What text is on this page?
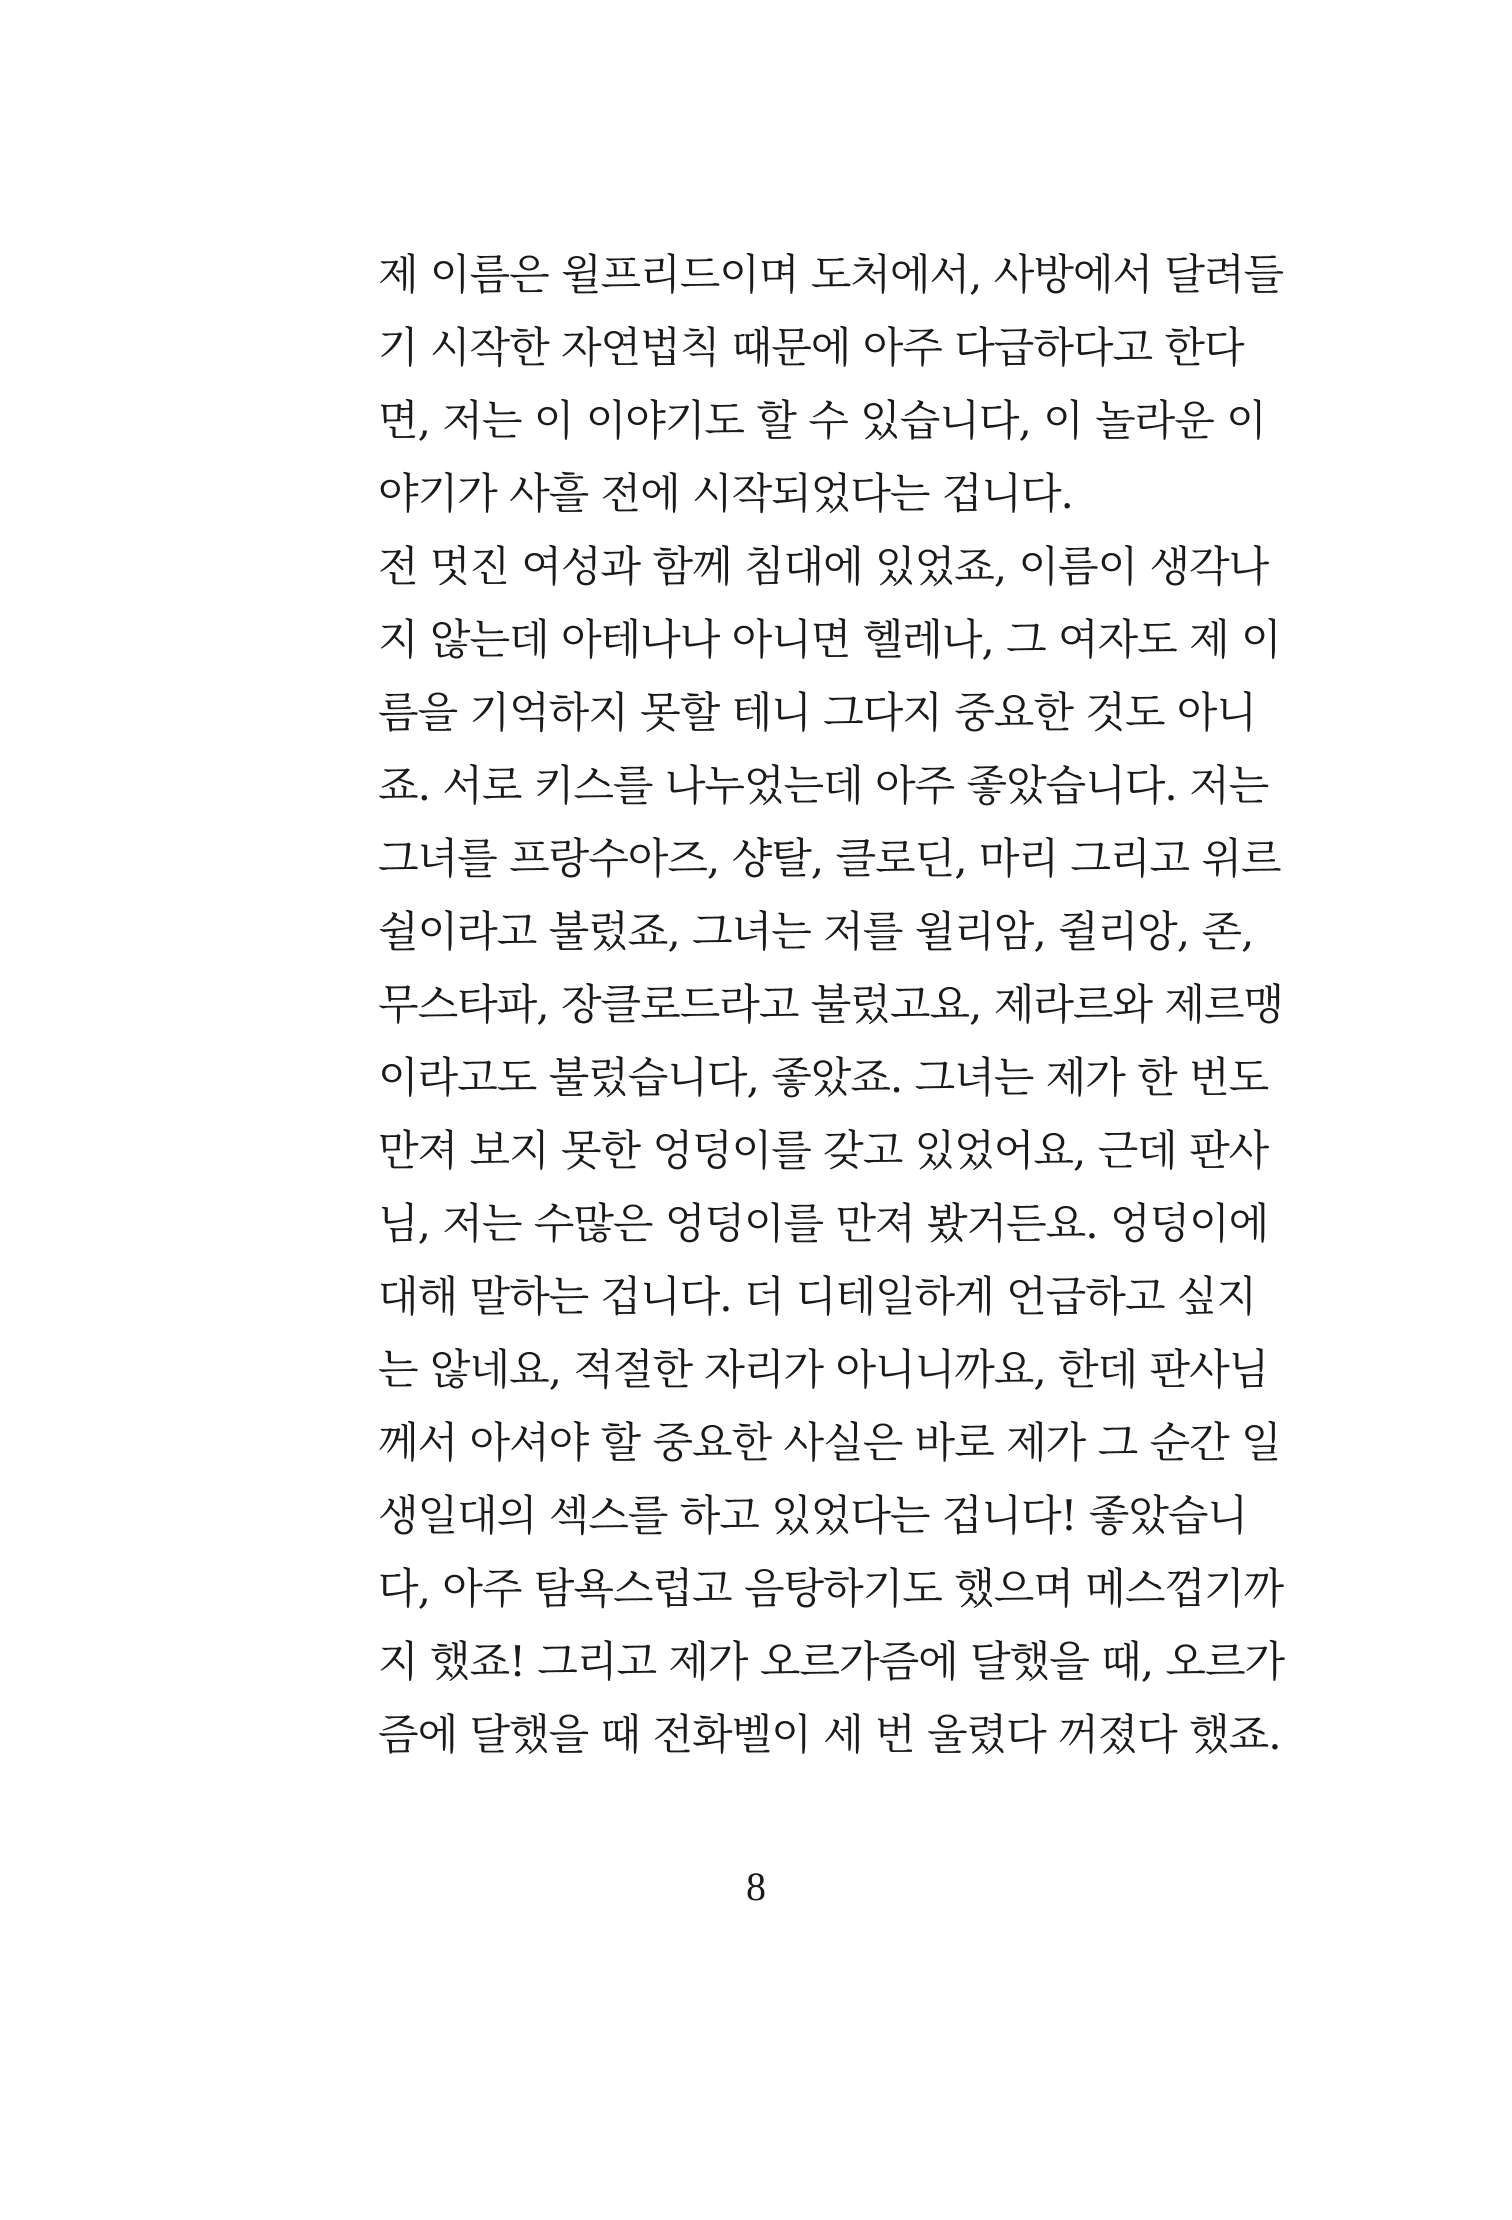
제 이름은 윌프리드이며 도처에서, 사방에서 달려들
기 시작한 자연법칙 때문에 아주 다급하다고 한다
면, 저는 이 이야기도 할 수 있습니다, 이 놀라운 이
야기가 사흘 전에 시작되었다는 겁니다.
전 멋진 여성과 함께 침대에 있었죠, 이름이 생각나
지 않는데 아테나나 아니면 헬레나, 그 여자도 제 이
름을 기억하지 못할 테니 그다지 중요한 것도 아니
죠. 서로 키스를 나누었는데 아주 좋았습니다. 저는
그녀를 프랑수아즈, 샹탈, 클로딘, 마리 그리고 위르
쉴이라고 불렀죠, 그녀는 저를 윌리암, 쥘리앙, 존,
무스타파, 장클로드라고 불렀고요, 제라르와 제르맹
이라고도 불렀습니다, 좋았죠. 그녀는 제가 한 번도
만져 보지 못한 엉덩이를 갖고 있었어요, 근데 판사
님, 저는 수많은 엉덩이를 만져 봤거든요. 엉덩이에
대해 말하는 겁니다. 더 디테일하게 언급하고 싶지
는 않네요, 적절한 자리가 아니니까요, 한데 판사님
께서 아셔야 할 중요한 사실은 바로 제가 그 순간 일
생일대의 섹스를 하고 있었다는 겁니다! 좋았습니
다, 아주 탐욕스럽고 음탕하기도 했으며 메스껍기까
지 했죠! 그리고 제가 오르가즘에 달했을 때, 오르가
즘에 달했을 때 전화벨이 세 번 울렸다 꺼졌다 했죠.
8
